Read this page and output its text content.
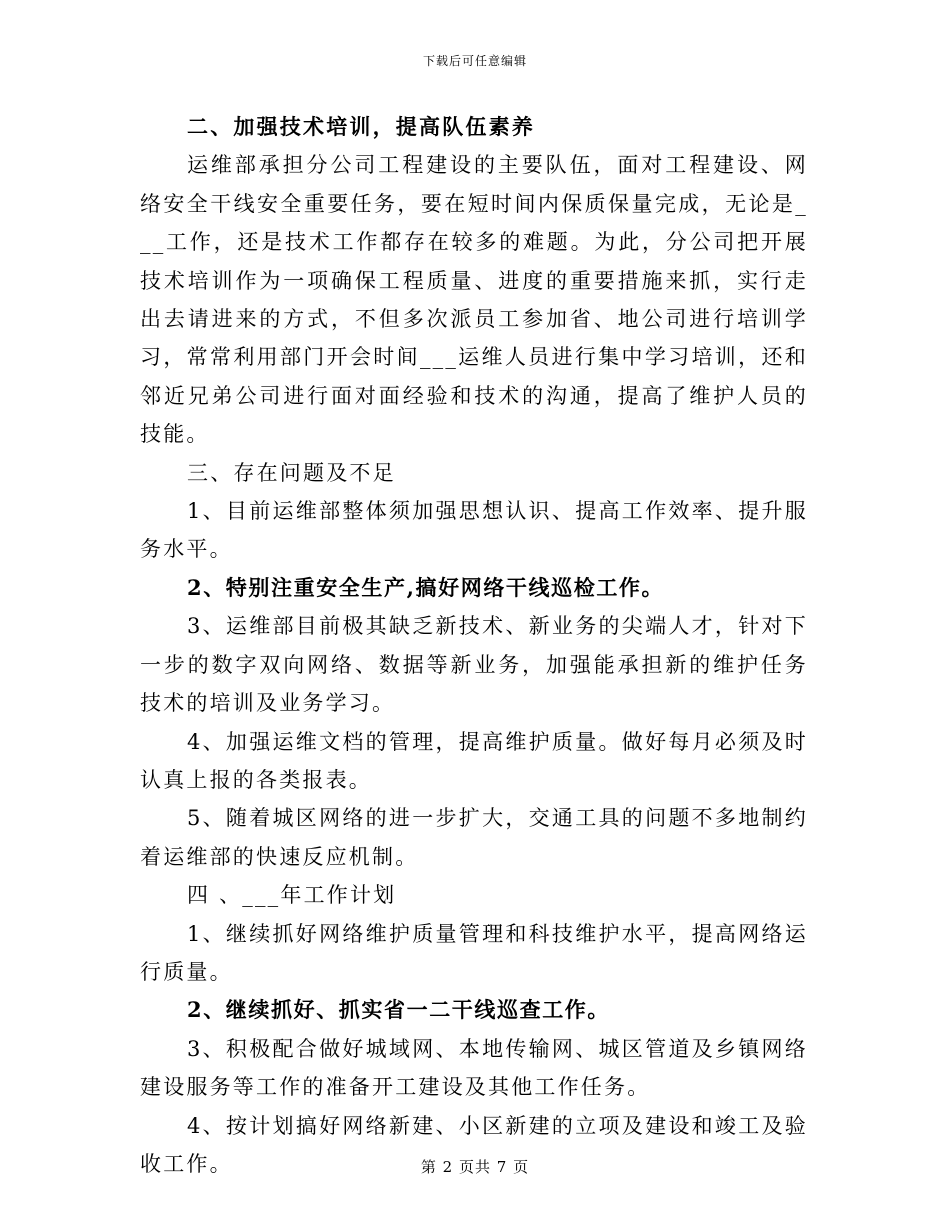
下载后可任意编辑

二、加强技术培训，提高队伍素养

运维部承担分公司工程建设的主要队伍，面对工程建设、网络安全干线安全重要任务，要在短时间内保质保量完成，无论是___工作，还是技术工作都存在较多的难题。为此，分公司把开展技术培训作为一项确保工程质量、进度的重要措施来抓，实行走出去请进来的方式，不但多次派员工参加省、地公司进行培训学习，常常利用部门开会时间___运维人员进行集中学习培训，还和邻近兄弟公司进行面对面经验和技术的沟通，提高了维护人员的技能。

三、存在问题及不足

1、目前运维部整体须加强思想认识、提高工作效率、提升服务水平。

2、特别注重安全生产,搞好网络干线巡检工作。

3、运维部目前极其缺乏新技术、新业务的尖端人才，针对下一步的数字双向网络、数据等新业务，加强能承担新的维护任务技术的培训及业务学习。

4、加强运维文档的管理，提高维护质量。做好每月必须及时认真上报的各类报表。

5、随着城区网络的进一步扩大，交通工具的问题不多地制约着运维部的快速反应机制。

四 、___年工作计划

1、继续抓好网络维护质量管理和科技维护水平，提高网络运行质量。

2、继续抓好、抓实省一二干线巡查工作。

3、积极配合做好城域网、本地传输网、城区管道及乡镇网络建设服务等工作的准备开工建设及其他工作任务。

4、按计划搞好网络新建、小区新建的立项及建设和竣工及验收工作。	第 2 页共 7 页
